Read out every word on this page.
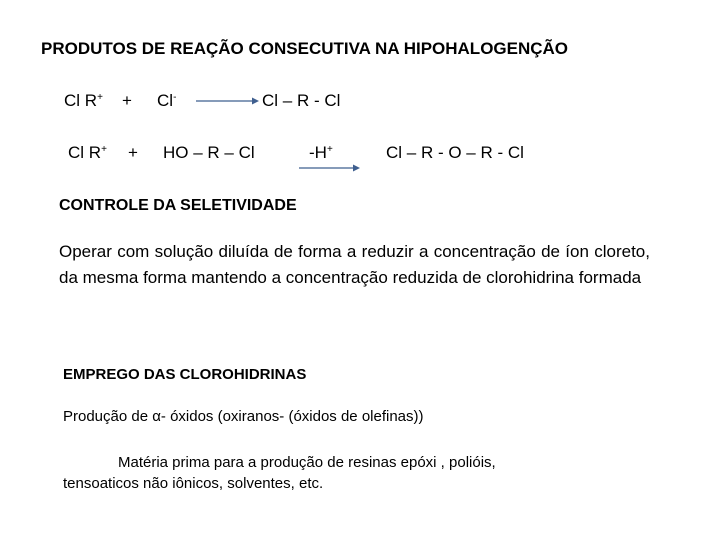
PRODUTOS DE REAÇÃO CONSECUTIVA NA HIPOHALOGENÇÃO
Cl R+ + Cl- → Cl – R - Cl
Cl R+ + HO – R – Cl	-H+	Cl – R - O – R - Cl
CONTROLE DA SELETIVIDADE
Operar com solução diluída de forma a reduzir a concentração de íon cloreto, da mesma forma mantendo a concentração reduzida de clorohidrina formada
EMPREGO DAS CLOROHIDRINAS
Produção de α- óxidos (oxiranos- (óxidos de olefinas))
Matéria prima para a produção de resinas epóxi , polióis,
tensoaticos não iônicos, solventes, etc.
